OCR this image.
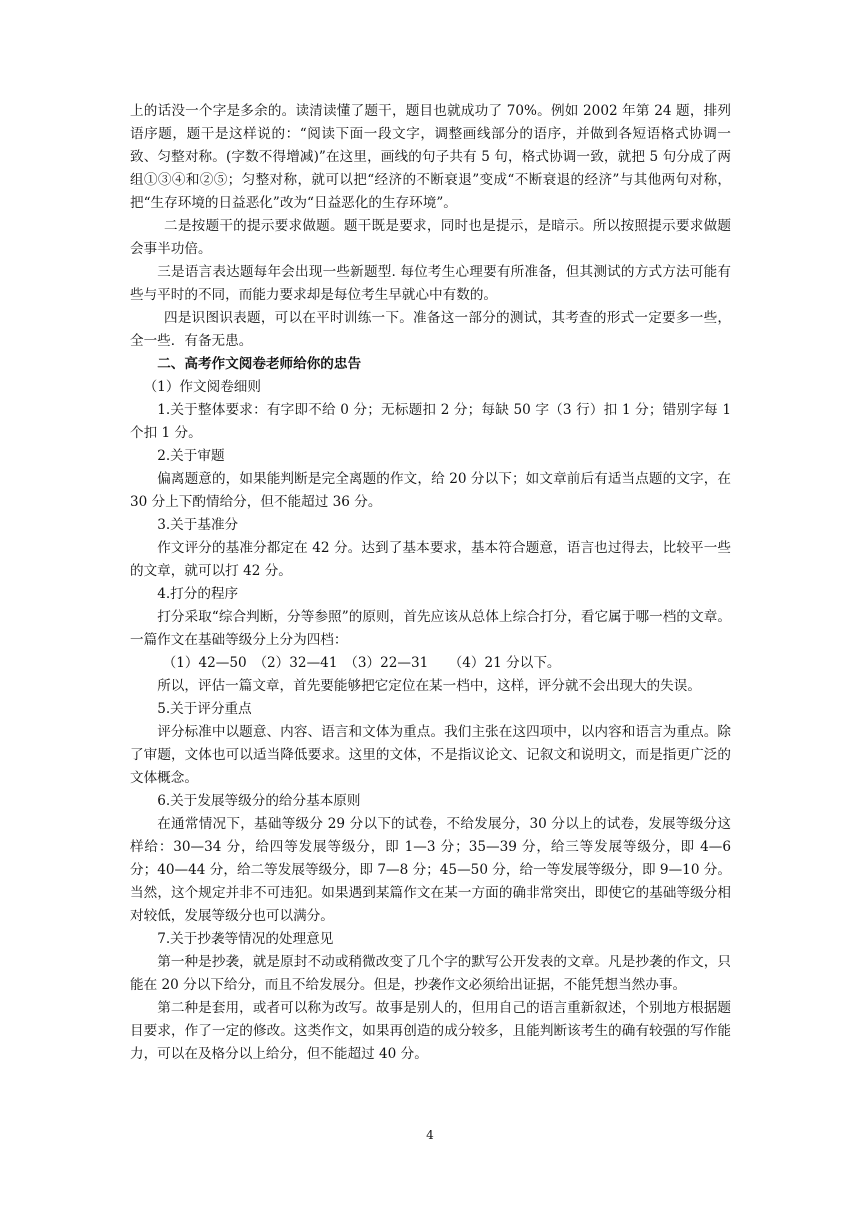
上的话没一个字是多余的。读清读懂了题干，题目也就成功了 70%。例如 2002 年第 24 题，排列语序题，题干是这样说的：“阅读下面一段文字，调整画线部分的语序，并做到各短语格式协调一致、匀整对称。(字数不得增减)”在这里，画线的句子共有 5 句，格式协调一致，就把 5 句分成了两组①③④和②⑤；匀整对称，就可以把“经济的不断衰退”变成“不断衰退的经济”与其他两句对称，把“生存环境的日益恶化”改为“日益恶化的生存环境”。

二是按题干的提示要求做题。题干既是要求，同时也是提示，是暗示。所以按照提示要求做题会事半功倍。

三是语言表达题每年会出现一些新题型. 每位考生心理要有所准备，但其测试的方式方法可能有些与平时的不同，而能力要求却是每位考生早就心中有数的。

四是识图识表题，可以在平时训练一下。准备这一部分的测试，其考查的形式一定要多一些，全一些．有备无患。

二、高考作文阅卷老师给你的忠告

（1）作文阅卷细则

1.关于整体要求：有字即不给 0 分；无标题扣 2 分；每缺 50 字（3 行）扣 1 分；错别字每 1 个扣 1 分。

2.关于审题

偏离题意的，如果能判断是完全离题的作文，给 20 分以下；如文章前后有适当点题的文字，在 30 分上下酌情给分，但不能超过 36 分。

3.关于基准分

作文评分的基准分都定在 42 分。达到了基本要求，基本符合题意，语言也过得去，比较平一些的文章，就可以打 42 分。

4.打分的程序

打分采取“综合判断，分等参照”的原则，首先应该从总体上综合打分，看它属于哪一档的文章。一篇作文在基础等级分上分为四档：

（1）42—50　（2）32—41　（3）22—31　　（4）21 分以下。

所以，评估一篇文章，首先要能够把它定位在某一档中，这样，评分就不会出现大的失误。

5.关于评分重点

评分标准中以题意、内容、语言和文体为重点。我们主张在这四项中，以内容和语言为重点。除了审题，文体也可以适当降低要求。这里的文体，不是指议论文、记叙文和说明文，而是指更广泛的文体概念。

6.关于发展等级分的给分基本原则

在通常情况下，基础等级分 29 分以下的试卷，不给发展分，30 分以上的试卷，发展等级分这样给：30—34 分，给四等发展等级分，即 1—3 分；35—39 分，给三等发展等级分，即 4—6 分；40—44 分，给二等发展等级分，即 7—8 分；45—50 分，给一等发展等级分，即 9—10 分。当然，这个规定并非不可违犯。如果遇到某篇作文在某一方面的确非常突出，即使它的基础等级分相对较低，发展等级分也可以满分。

7.关于抄袭等情况的处理意见

第一种是抄袭，就是原封不动或稍微改变了几个字的默写公开发表的文章。凡是抄袭的作文，只能在 20 分以下给分，而且不给发展分。但是，抄袭作文必须给出证据，不能凭想当然办事。

第二种是套用，或者可以称为改写。故事是别人的，但用自己的语言重新叙述，个别地方根据题目要求，作了一定的修改。这类作文，如果再创造的成分较多，且能判断该考生的确有较强的写作能力，可以在及格分以上给分，但不能超过 40 分。

4
